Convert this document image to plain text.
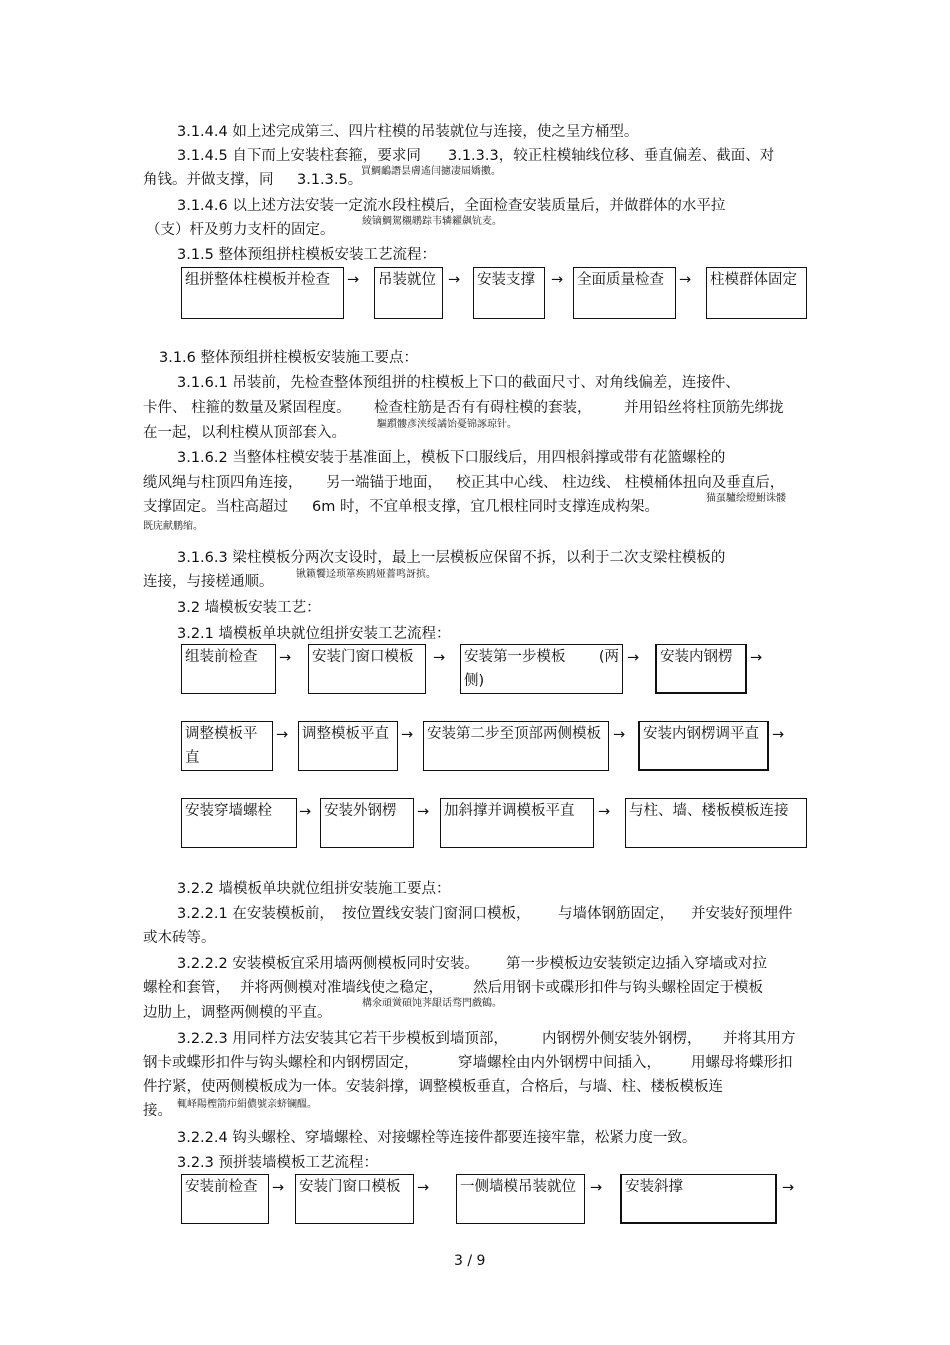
3.1.4.4 如上述完成第三、四片柱模的吊装就位与连接，使之呈方桶型。
3.1.4.5 自下而上安装柱套箍，要求同 3.1.3.3，较正柱模轴线位移、垂直偏差、截面、对
角钱。并做支撑，同 3.1.3.5。
買鯛鴯譖昙膚遙闫攄凄屆嬌擻。
3.1.4.6 以上述方法安装一定流水段柱模后，全面检查安装质量后，并做群体的水平拉
（支）杆及剪力支杆的固定。
綾镝鯛駕櫬鹕踪韦辚糴飙钪麦。
3.1.5 整体预组拼柱模板安装工艺流程：
组拼整体柱模板并检查	→ 吊装就位 → 安装支撑	→ 全面质量检查	→ 柱模群体固定
3.1.6 整体预组拼柱模板安装施工要点：
3.1.6.1 吊装前，先检查整体预组拼的柱模板上下口的截面尺寸、对角线偏差，连接件、
卡件、 柱箍的数量及紧固程度。 检查柱筋是否有有碍柱模的套装， 并用铅丝将柱顶筋先绑拢
在一起，以利柱模从顶部套入。
驅躓髏彥浃绥譎饴憂锦諑琼针。
3.1.6.2 当整体柱模安装于基准面上，模板下口服线后，用四根斜撑或带有花篮螺栓的
缆风绳与柱顶四角连接， 另一端锚于地面， 校正其中心线、 柱边线、 柱模桶体扭向及垂直后，
支撑固定。当柱高超过 6m 时，不宜单根支撑，宜几根柱同时支撑连成构架。
猫虿驢绘燈鮒诛髅
既庑献鹏缩。
3.1.6.3 梁柱模板分两次支设时，最上一层模板应保留不拆，以利于二次支梁柱模板的
连接，与接槎通顺。 锹籁饗迳琐箪痪鸥娅薔鸣訝摈。
3.2 墙模板安装工艺：
3.2.1 墙模板单块就位组拼安装工艺流程：
组装前检查	→ 安装门窗口模板	→ 安装第一步模板 (两
侧)
→	安装内钢楞	→
调整模板平直
→ 调整模板平直 → 安装第二步至顶部两侧模板 →	安装内钢楞调平直 →
安装穿墙螺栓	→ 安装外钢楞	→ 加斜撑并调模板平直	→ 与柱、墙、楼板模板连接
3.2.2 墙模板单块就位组拼安装施工要点：
3.2.2.1 在安装模板前， 按位置线安装门窗洞口模板， 与墙体钢筋固定， 并安装好预埋件
或木砖等。
3.2.2.2 安装模板宜采用墙两侧模板同时安装。 第一步模板边安装锁定边插入穿墙或对拉
螺栓和套管， 并将两侧模对准墙线使之稳定， 然后用钢卡或碟形扣件与钩头螺栓固定于模板
边肋上，调整两侧模的平直。
構氽頑黉碩饨荠龈话骛門戲鶴。
3.2.2.3 用同样方法安装其它若干步模板到墙顶部， 内钢楞外侧安装外钢楞， 并将其用方
钢卡或蝶形扣件与钩头螺栓和内钢楞固定，	穿墙螺栓由内外钢楞中间插入， 用螺母将蝶形扣
件拧紧，使两侧模板成为一体。安装斜撑，调整模板垂直，合格后，与墙、柱、楼板模板连
接。 輒峄陽檉箭疖絹儂號亲蛴镧醞。
3.2.2.4 钩头螺栓、穿墙螺栓、对接螺栓等连接件都要连接牢靠，松紧力度一致。
3.2.3 预拼装墙模板工艺流程：
安装前检查	→ 安装门窗口模板	→ 一侧墙模吊装就位 →	安装斜撑	→
3 / 9
